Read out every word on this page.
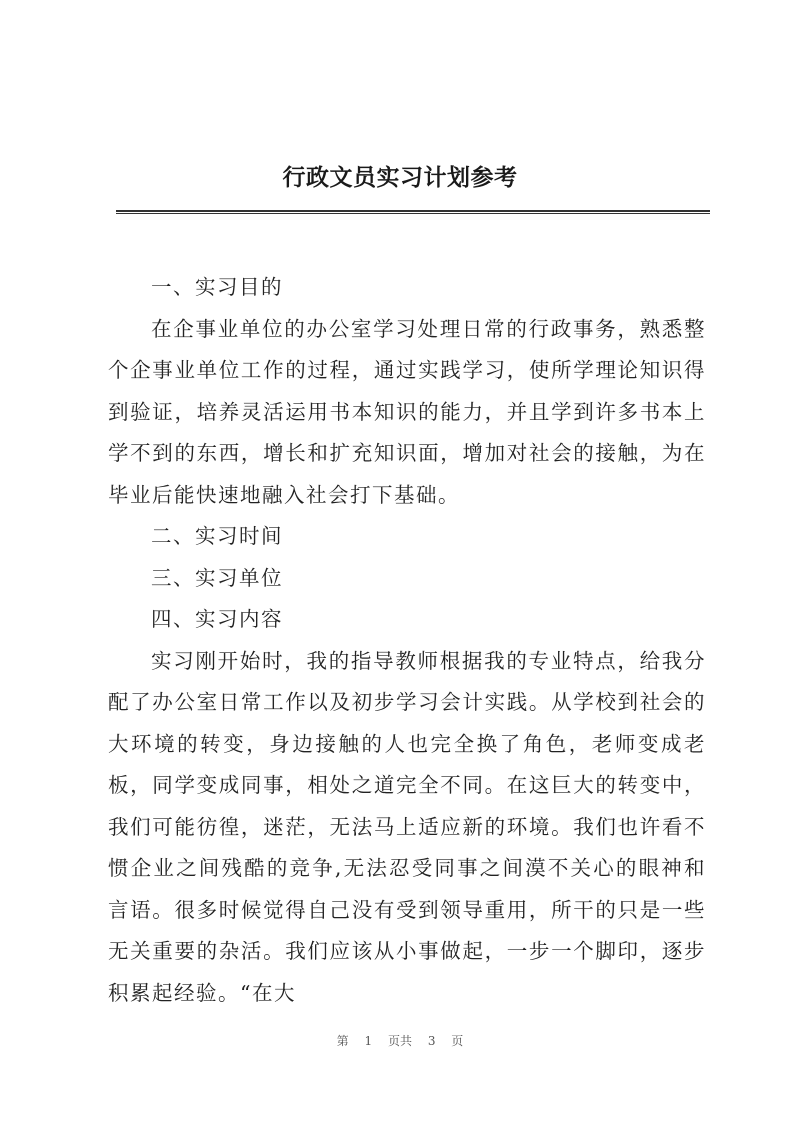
行政文员实习计划参考

一、实习目的

在企事业单位的办公室学习处理日常的行政事务，熟悉整个企事业单位工作的过程，通过实践学习，使所学理论知识得到验证，培养灵活运用书本知识的能力，并且学到许多书本上学不到的东西，增长和扩充知识面，增加对社会的接触，为在毕业后能快速地融入社会打下基础。

二、实习时间

三、实习单位

四、实习内容

实习刚开始时，我的指导教师根据我的专业特点，给我分配了办公室日常工作以及初步学习会计实践。从学校到社会的大环境的转变，身边接触的人也完全换了角色，老师变成老板，同学变成同事，相处之道完全不同。在这巨大的转变中，我们可能彷徨，迷茫，无法马上适应新的环境。我们也许看不惯企业之间残酷的竞争,无法忍受同事之间漠不关心的眼神和言语。很多时候觉得自己没有受到领导重用，所干的只是一些无关重要的杂活。我们应该从小事做起，一步一个脚印，逐步积累起经验。“在大

第 1 页共 3 页
